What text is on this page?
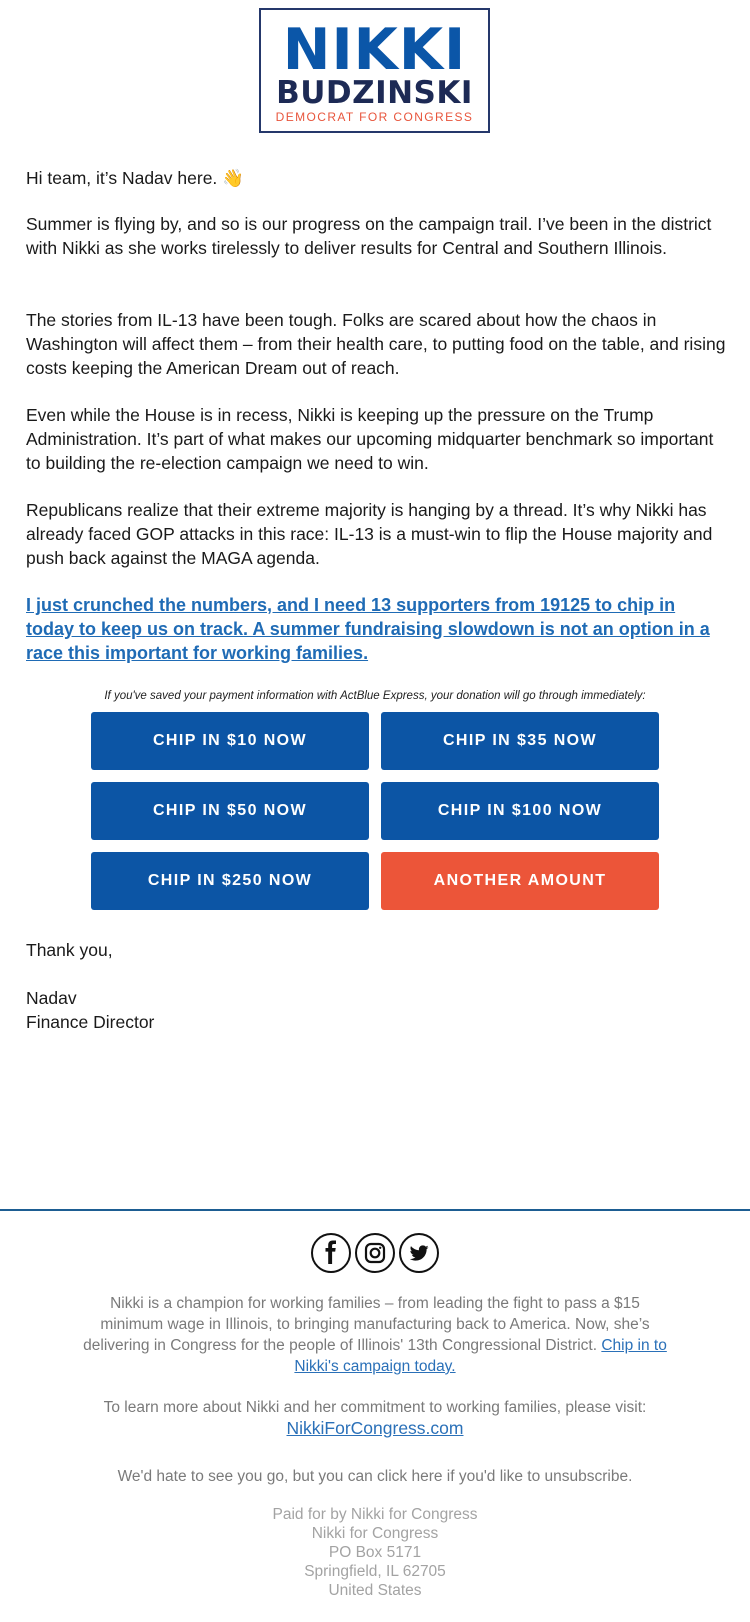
NIKKI
BUDZINSKI
DEMOCRAT FOR CONGRESS

Hi team, it’s Nadav here. 👋

Summer is flying by, and so is our progress on the campaign trail. I’ve been in the district with Nikki as she works tirelessly to deliver results for Central and Southern Illinois.

The stories from IL-13 have been tough. Folks are scared about how the chaos in Washington will affect them – from their health care, to putting food on the table, and rising costs keeping the American Dream out of reach.

Even while the House is in recess, Nikki is keeping up the pressure on the Trump Administration. It’s part of what makes our upcoming midquarter benchmark so important to building the re-election campaign we need to win.

Republicans realize that their extreme majority is hanging by a thread. It’s why Nikki has already faced GOP attacks in this race: IL-13 is a must-win to flip the House majority and push back against the MAGA agenda.

I just crunched the numbers, and I need 13 supporters from 19125 to chip in today to keep us on track. A summer fundraising slowdown is not an option in a race this important for working families.

If you've saved your payment information with ActBlue Express, your donation will go through immediately:
CHIP IN $10 NOW	CHIP IN $35 NOW
CHIP IN $50 NOW	CHIP IN $100 NOW
CHIP IN $250 NOW	ANOTHER AMOUNT
Thank you,
Nadav
Finance Director

Nikki is a champion for working families – from leading the fight to pass a $15 minimum wage in Illinois, to bringing manufacturing back to America. Now, she’s delivering in Congress for the people of Illinois' 13th Congressional District. Chip in to Nikki's campaign today.

To learn more about Nikki and her commitment to working families, please visit:
NikkiForCongress.com

We'd hate to see you go, but you can click here if you'd like to unsubscribe.

Paid for by Nikki for Congress
Nikki for Congress
PO Box 5171
Springfield, IL 62705
United States
